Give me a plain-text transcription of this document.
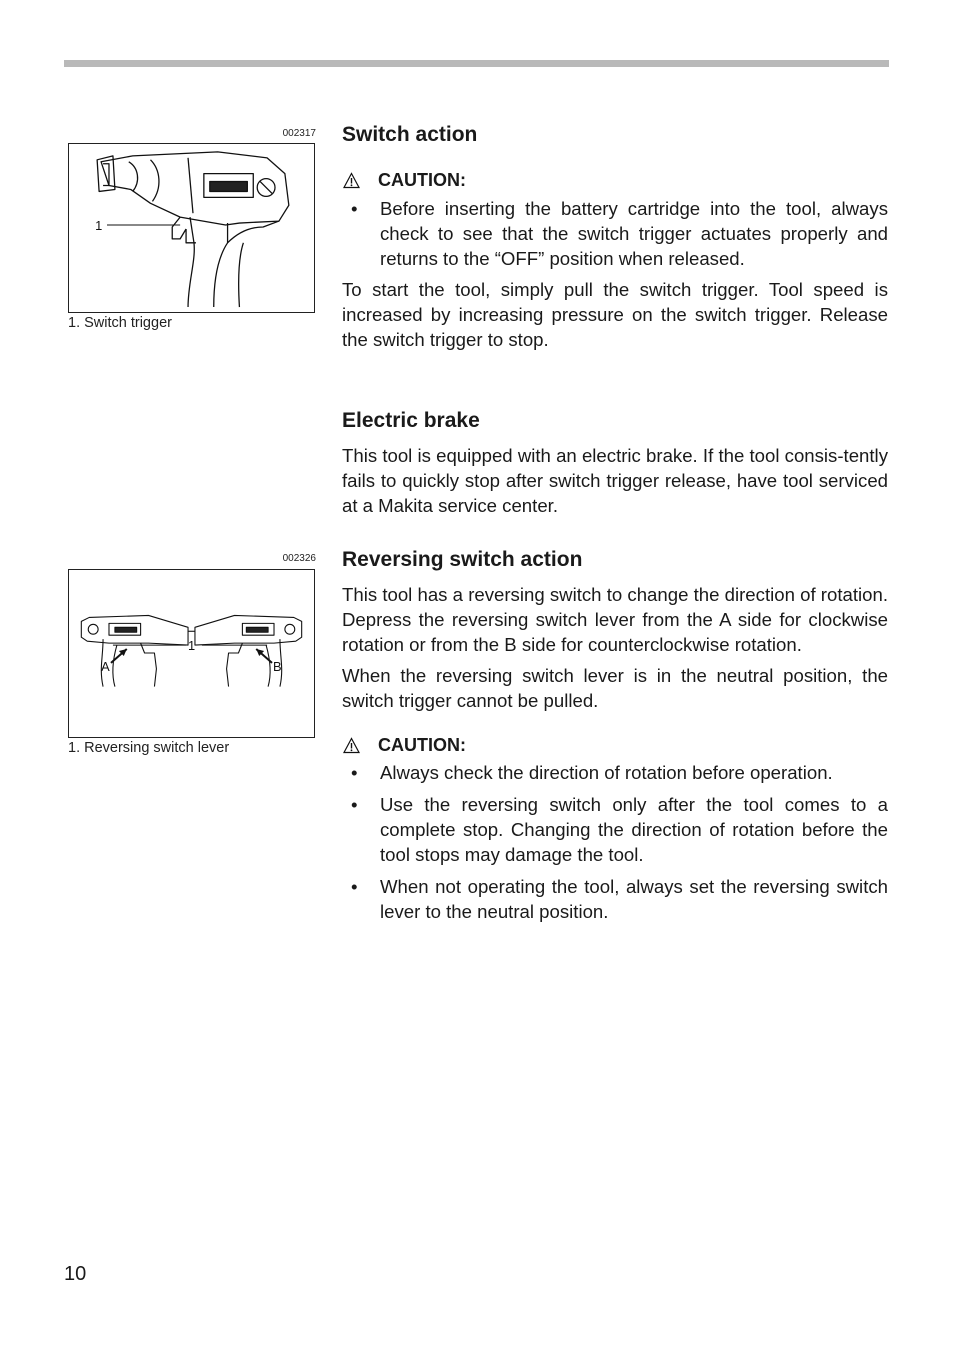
002317
1
1. Switch trigger
002326
1
A	B
1. Reversing switch lever
Switch action
CAUTION:
• Before inserting the battery cartridge into the tool, always check to see that the switch trigger actuates properly and returns to the “OFF” position when released.

To start the tool, simply pull the switch trigger. Tool speed is increased by increasing pressure on the switch trigger. Release the switch trigger to stop.

Electric brake

This tool is equipped with an electric brake. If the tool consis-tently fails to quickly stop after switch trigger release, have tool serviced at a Makita service center.

Reversing switch action

This tool has a reversing switch to change the direction of rotation. Depress the reversing switch lever from the A side for clockwise rotation or from the B side for counterclockwise rotation.

When the reversing switch lever is in the neutral position, the switch trigger cannot be pulled.

CAUTION:
• Always check the direction of rotation before operation.
• Use the reversing switch only after the tool comes to a complete stop. Changing the direction of rotation before the tool stops may damage the tool.
• When not operating the tool, always set the reversing switch lever to the neutral position.
10
